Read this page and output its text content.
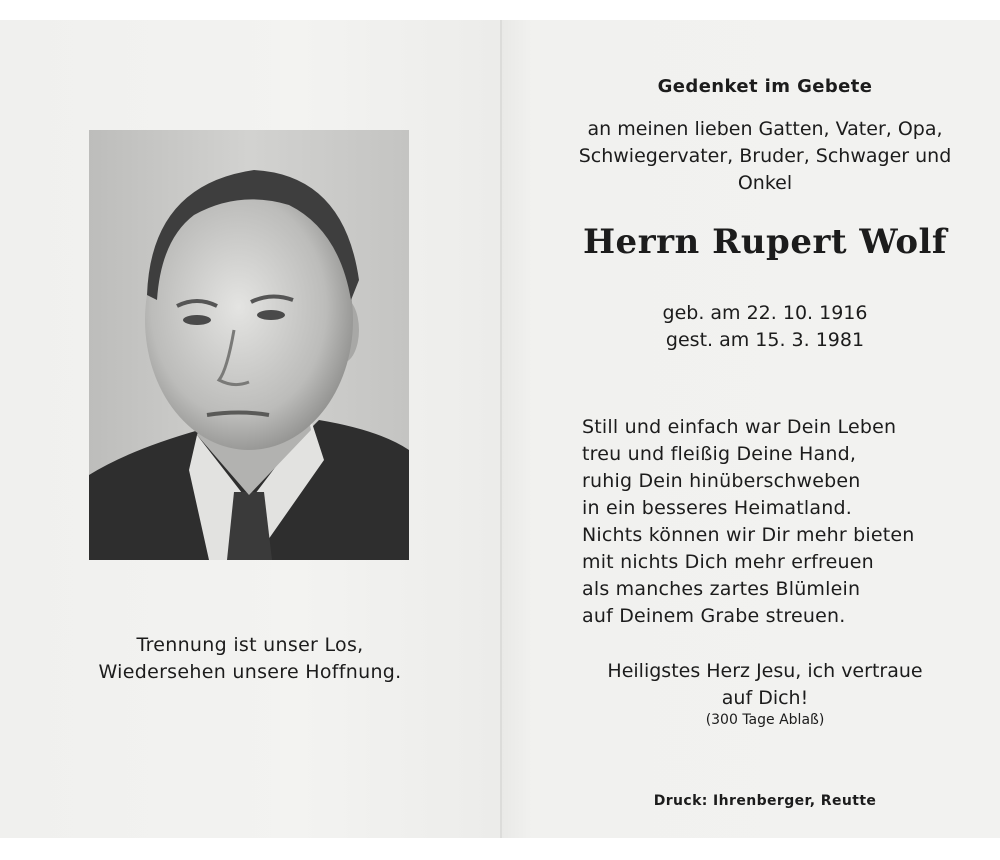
Trennung ist unser Los,
Wiedersehen unsere Hoffnung.
Gedenket im Gebete
an meinen lieben Gatten, Vater, Opa,
Schwiegervater, Bruder, Schwager und
Onkel
Herrn Rupert Wolf
geb. am 22. 10. 1916
gest. am 15. 3. 1981
Still und einfach war Dein Leben
treu und fleißig Deine Hand,
ruhig Dein hinüberschweben
in ein besseres Heimatland.
Nichts können wir Dir mehr bieten
mit nichts Dich mehr erfreuen
als manches zartes Blümlein
auf Deinem Grabe streuen.
Heiligstes Herz Jesu, ich vertraue
auf Dich!
(300 Tage Ablaß)
Druck: Ihrenberger, Reutte
